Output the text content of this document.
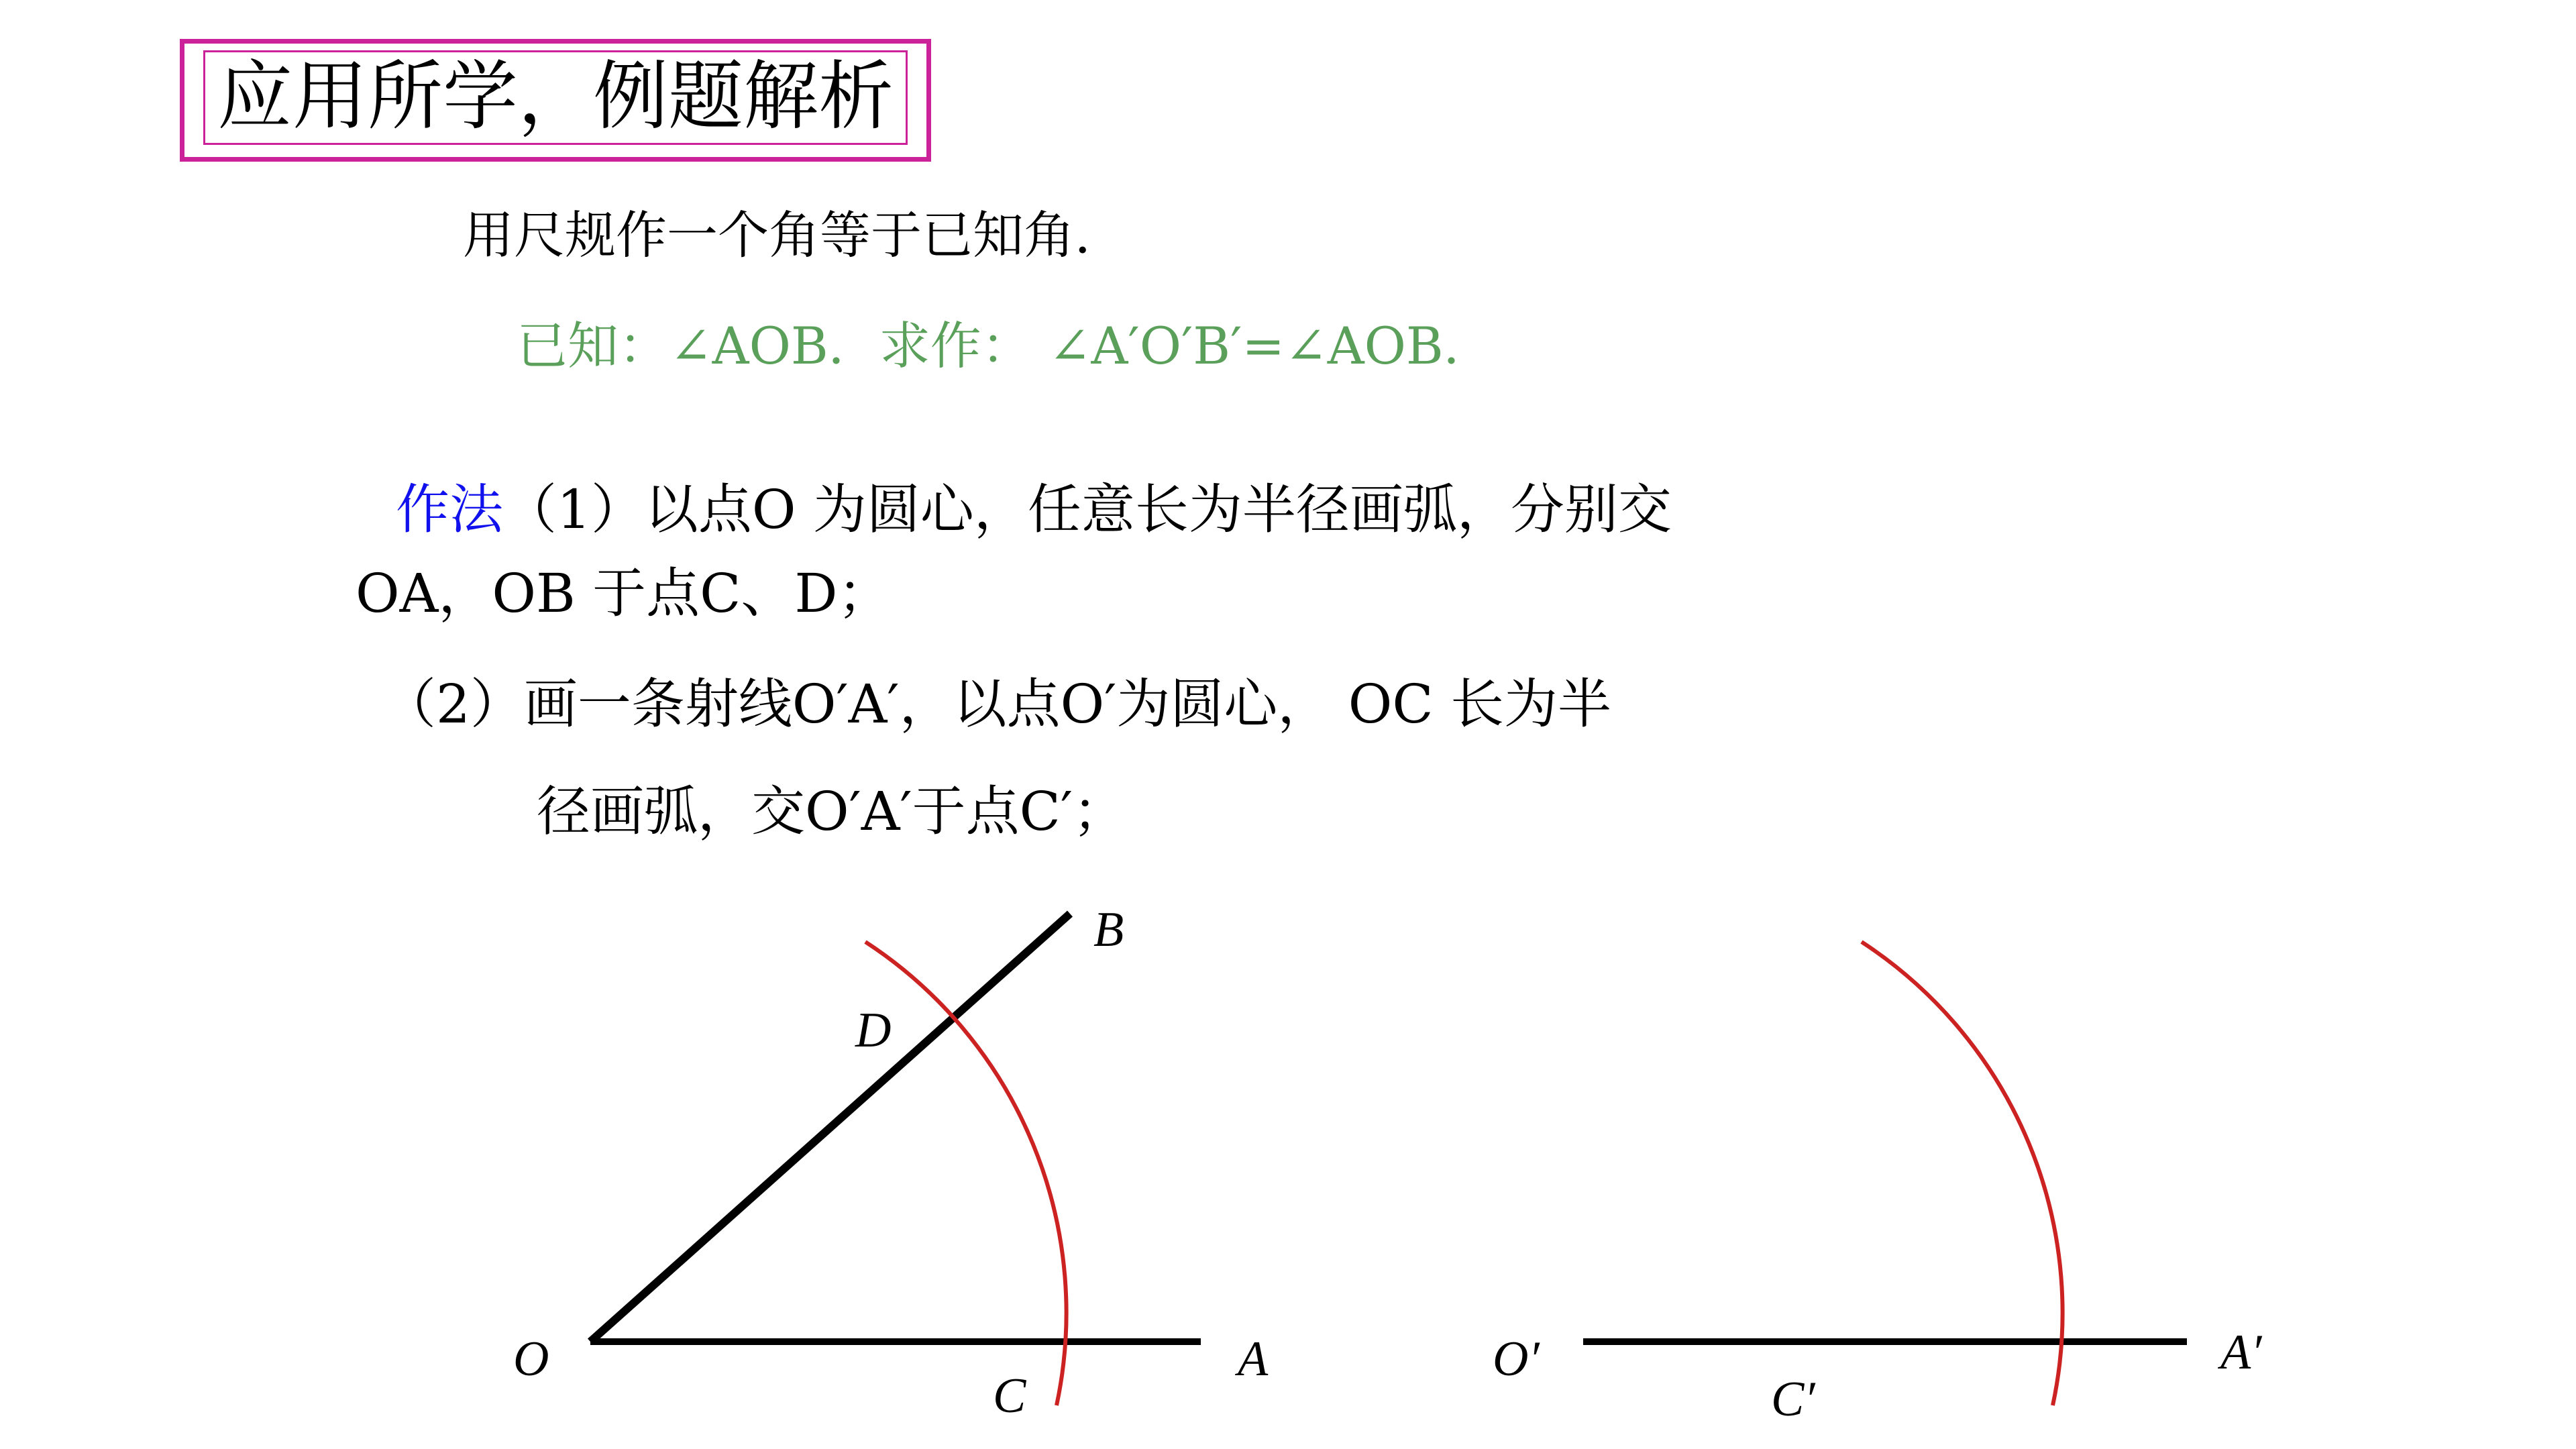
应用所学，例题解析
用尺规作一个角等于已知角．
已知：∠AOB．求作： ∠A′O′B′=∠AOB．
作法（1）以点O 为圆心，任意长为半径画弧，分别交
OA，OB 于点C、D；
（2）画一条射线O′A′，以点O′为圆心， OC 长为半
径画弧，交O′A′于点C′；
O	A
B
D
C
O′	A′
C′
